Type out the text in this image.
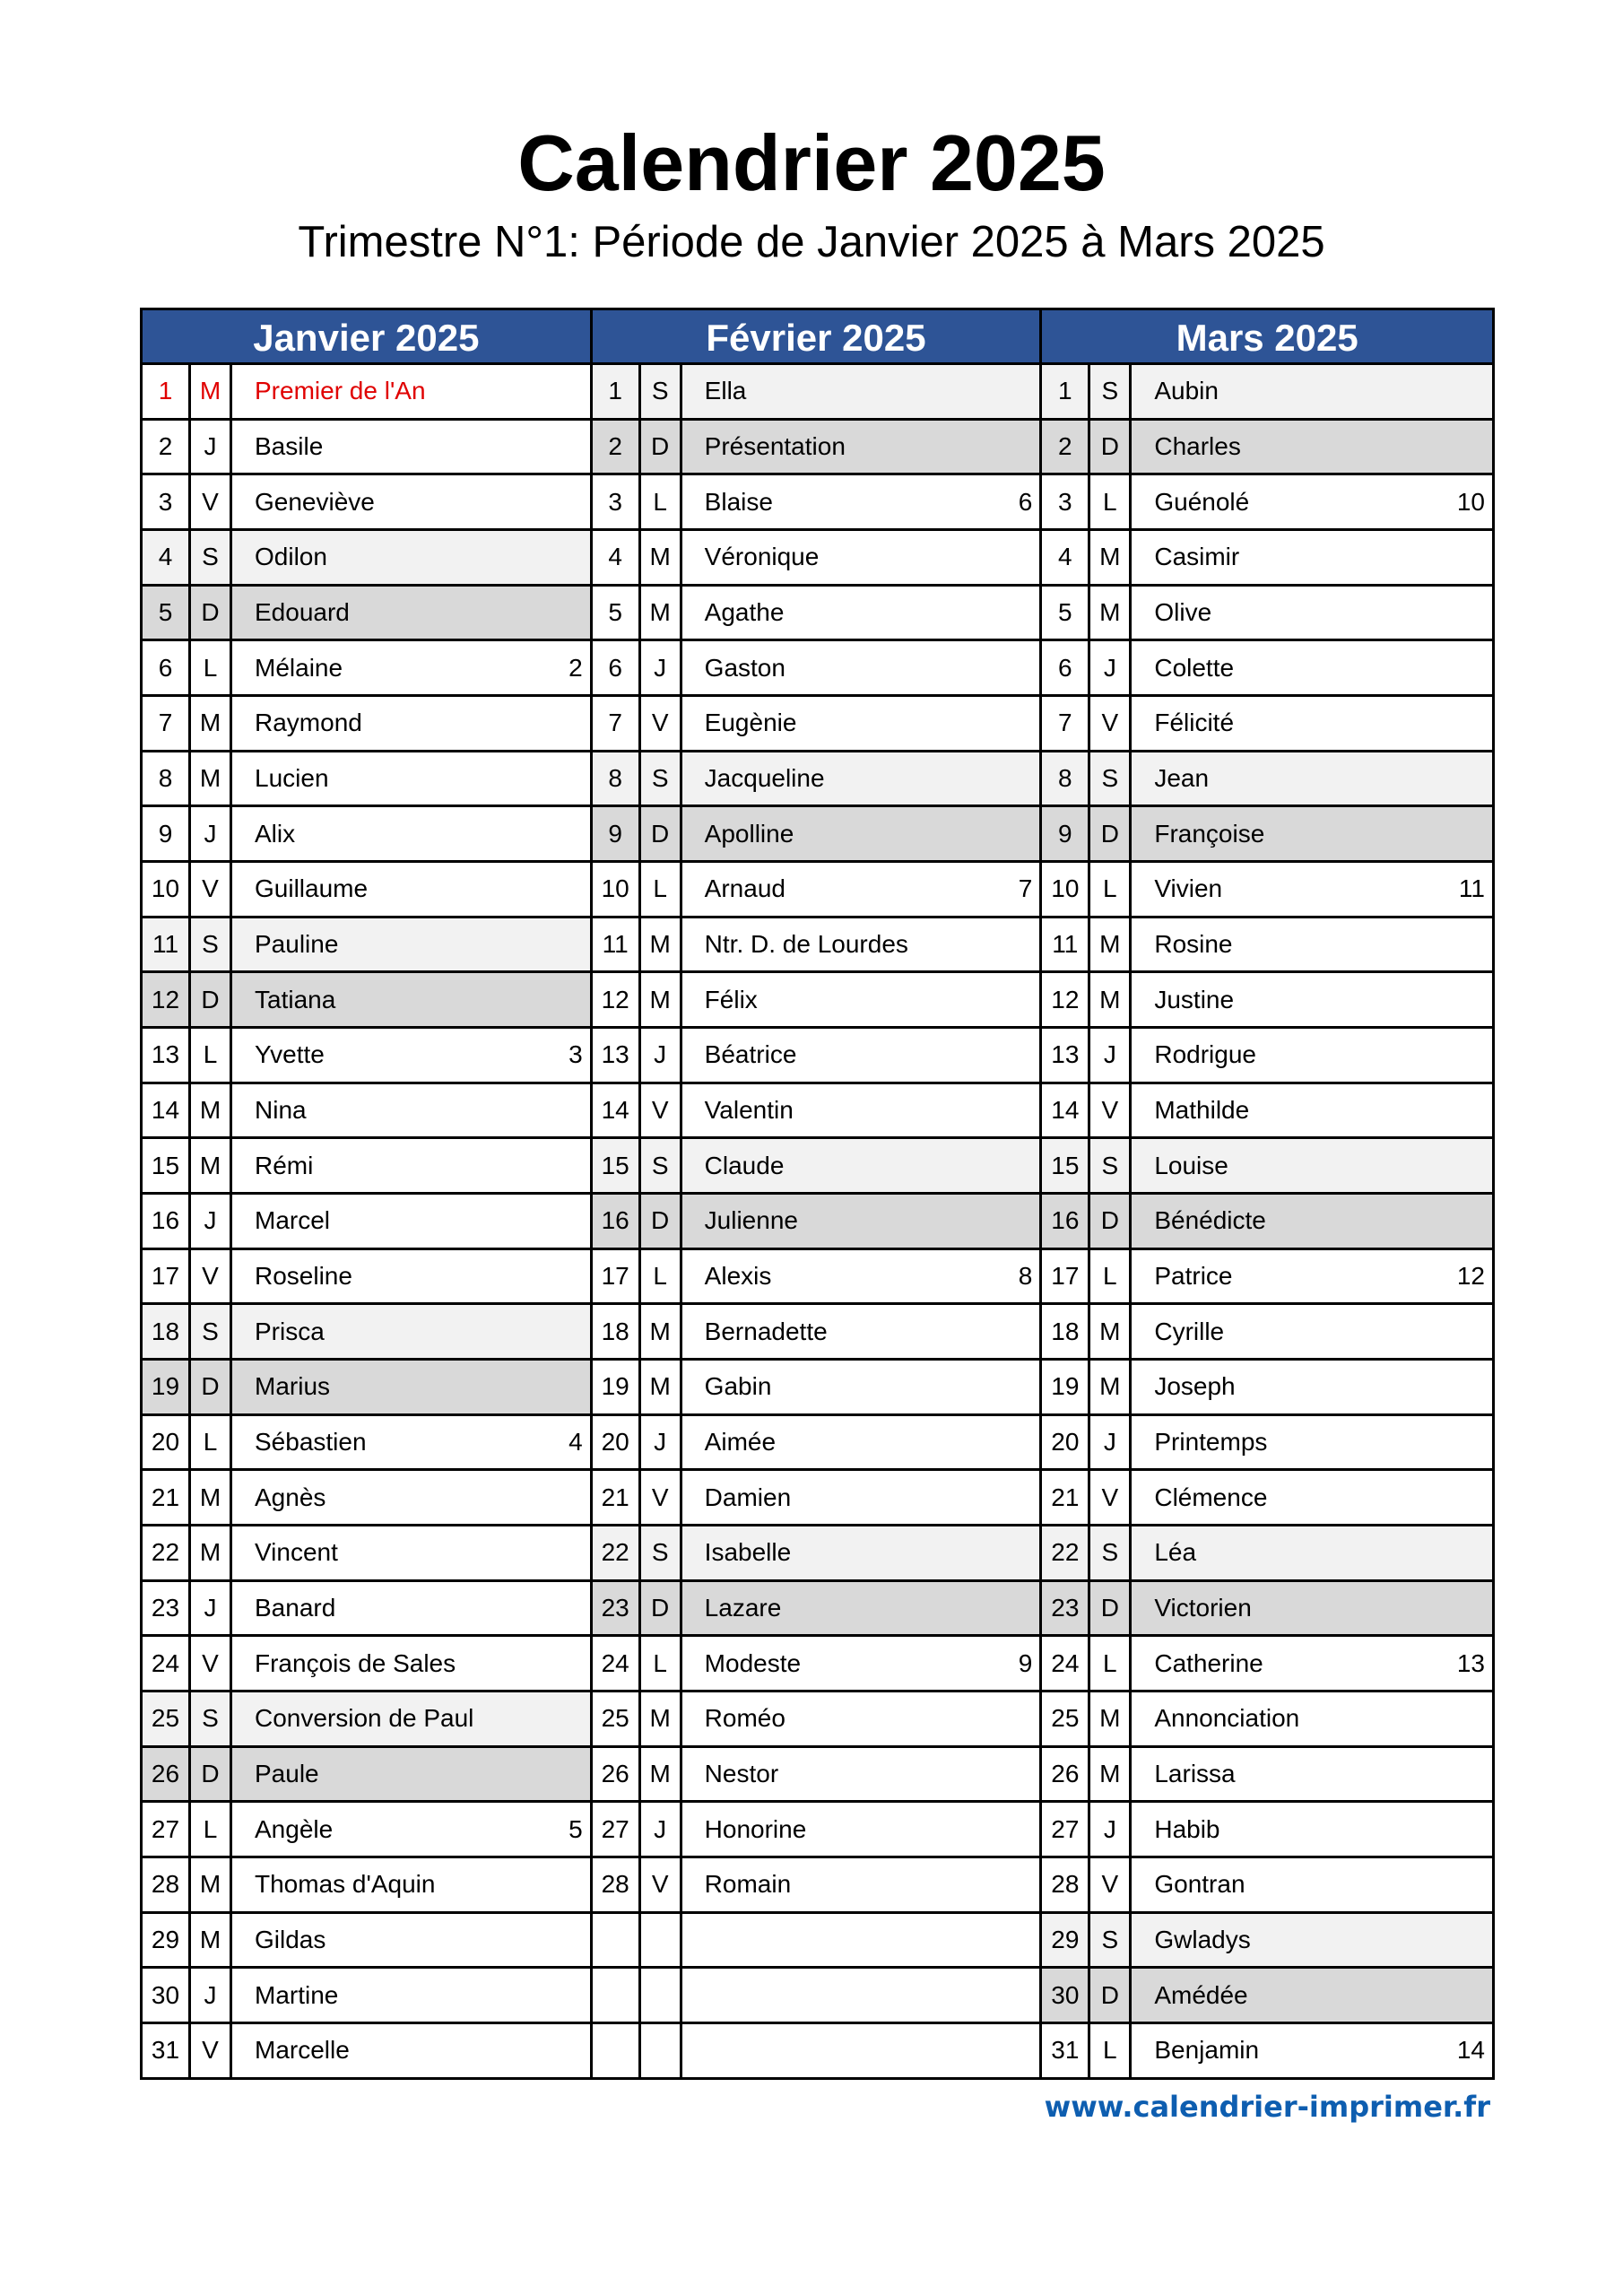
Calendrier 2025
Trimestre N°1: Période de Janvier 2025 à Mars 2025
Janvier 2025
1	M	Premier de l'An
2	J	Basile
3	V	Geneviève
4	S	Odilon
5	D	Edouard
6	L	Mélaine	2
7	M	Raymond
8	M	Lucien
9	J	Alix
10 V	Guillaume
11 S	Pauline
12 D	Tatiana
13 L	Yvette	3
14 M	Nina
15 M	Rémi
16 J	Marcel
17 V	Roseline
18 S	Prisca
19 D	Marius
20 L	Sébastien	4
21 M	Agnès
22 M	Vincent
23 J	Banard
24 V	François de Sales
25 S	Conversion de Paul
26 D	Paule
27 L	Angèle	5
28 M	Thomas d'Aquin
29 M	Gildas
30 J	Martine
31 V	Marcelle
Février 2025
1	S	Ella
2	D	Présentation
3	L	Blaise	6
4	M	Véronique
5	M	Agathe
6	J	Gaston
7	V	Eugènie
8	S	Jacqueline
9	D	Apolline
10 L	Arnaud	7
11 M	Ntr. D. de Lourdes
12 M	Félix
13 J	Béatrice
14 V	Valentin
15 S	Claude
16 D	Julienne
17 L	Alexis	8
18 M	Bernadette
19 M	Gabin
20 J	Aimée
21 V	Damien
22 S	Isabelle
23 D	Lazare
24 L	Modeste	9
25 M	Roméo
26 M	Nestor
27 J	Honorine
28 V	Romain
Mars 2025
1	S	Aubin
2	D	Charles
3	L	Guénolé	10
4	M	Casimir
5	M	Olive
6	J	Colette
7	V	Félicité
8	S	Jean
9	D	Françoise
10 L	Vivien	11
11 M	Rosine
12 M	Justine
13 J	Rodrigue
14 V	Mathilde
15 S	Louise
16 D	Bénédicte
17 L	Patrice	12
18 M	Cyrille
19 M	Joseph
20 J	Printemps
21 V	Clémence
22 S	Léa
23 D	Victorien
24 L	Catherine	13
25 M	Annonciation
26 M	Larissa
27 J	Habib
28 V	Gontran
29 S	Gwladys
30 D	Amédée
31 L	Benjamin	14
www.calendrier-imprimer.fr
